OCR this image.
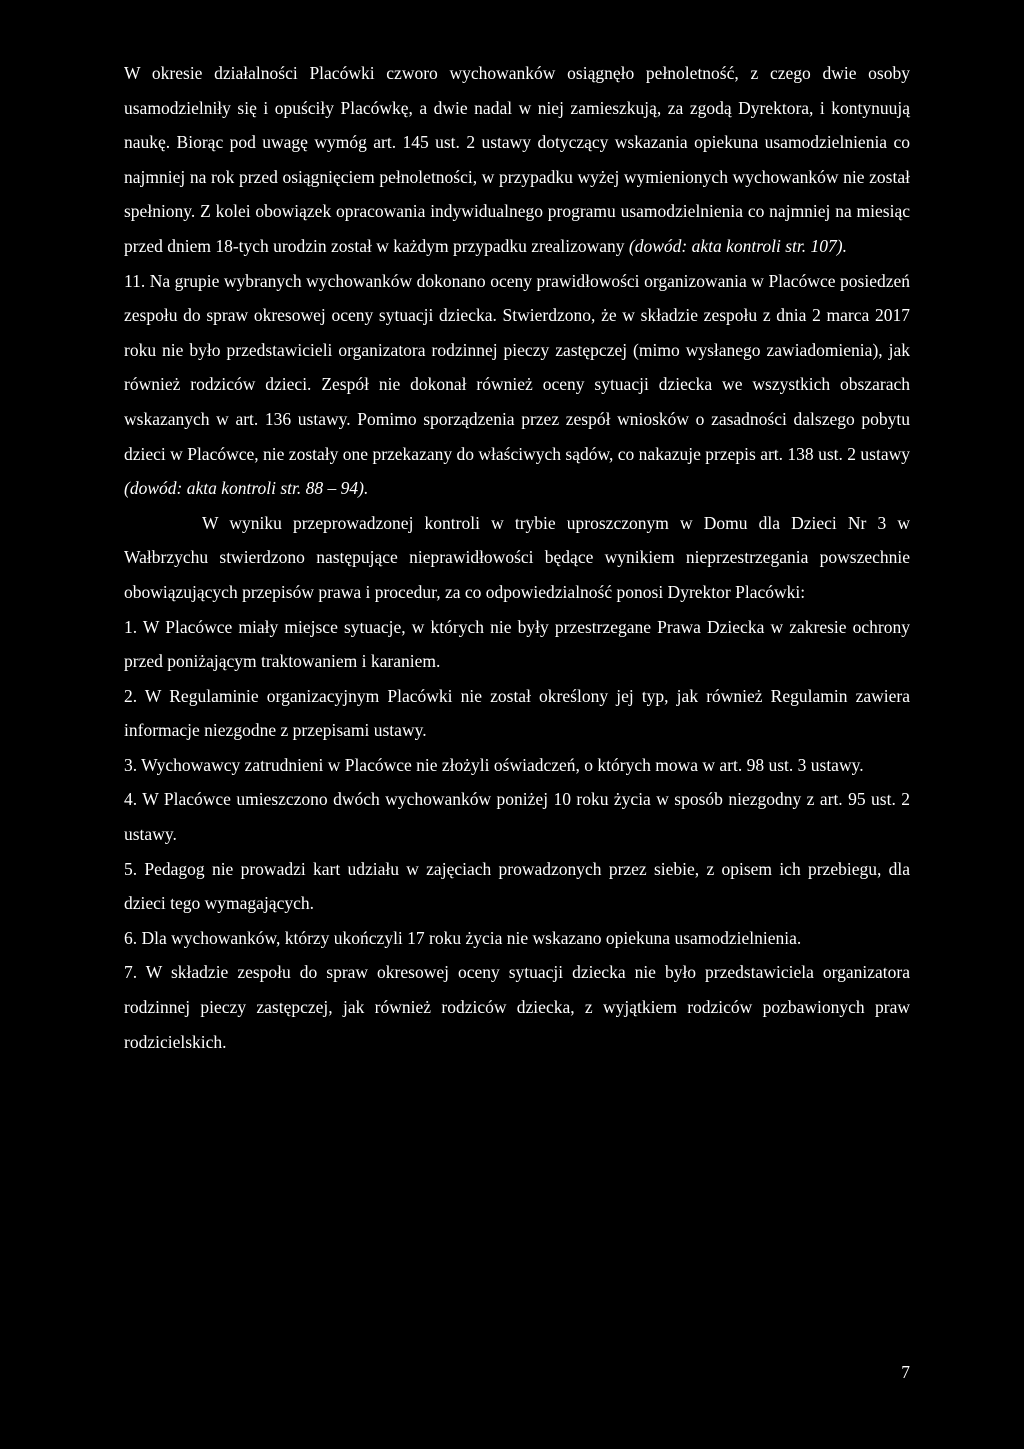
W okresie działalności Placówki czworo wychowanków osiągnęło pełnoletność, z czego dwie osoby usamodzielniły się i opuściły Placówkę, a dwie nadal w niej zamieszkują, za zgodą Dyrektora, i kontynuują naukę. Biorąc pod uwagę wymóg art. 145 ust. 2 ustawy dotyczący wskazania opiekuna usamodzielnienia co najmniej na rok przed osiągnięciem pełnoletności, w przypadku wyżej wymienionych wychowanków nie został spełniony. Z kolei obowiązek opracowania indywidualnego programu usamodzielnienia co najmniej na miesiąc przed dniem 18-tych urodzin został w każdym przypadku zrealizowany (dowód: akta kontroli str. 107).

11. Na grupie wybranych wychowanków dokonano oceny prawidłowości organizowania w Placówce posiedzeń zespołu do spraw okresowej oceny sytuacji dziecka. Stwierdzono, że w składzie zespołu z dnia 2 marca 2017 roku nie było przedstawicieli organizatora rodzinnej pieczy zastępczej (mimo wysłanego zawiadomienia), jak również rodziców dzieci. Zespół nie dokonał również oceny sytuacji dziecka we wszystkich obszarach wskazanych w art. 136 ustawy. Pomimo sporządzenia przez zespół wniosków o zasadności dalszego pobytu dzieci w Placówce, nie zostały one przekazany do właściwych sądów, co nakazuje przepis art. 138 ust. 2 ustawy (dowód: akta kontroli str. 88 – 94).

W wyniku przeprowadzonej kontroli w trybie uproszczonym w Domu dla Dzieci Nr 3 w Wałbrzychu stwierdzono następujące nieprawidłowości będące wynikiem nieprzestrzegania powszechnie obowiązujących przepisów prawa i procedur, za co odpowiedzialność ponosi Dyrektor Placówki:

1. W Placówce miały miejsce sytuacje, w których nie były przestrzegane Prawa Dziecka w zakresie ochrony przed poniżającym traktowaniem i karaniem.

2. W Regulaminie organizacyjnym Placówki nie został określony jej typ, jak również Regulamin zawiera informacje niezgodne z przepisami ustawy.

3. Wychowawcy zatrudnieni w Placówce nie złożyli oświadczeń, o których mowa w art. 98 ust. 3 ustawy.

4. W Placówce umieszczono dwóch wychowanków poniżej 10 roku życia w sposób niezgodny z art. 95 ust. 2 ustawy.

5. Pedagog nie prowadzi kart udziału w zajęciach prowadzonych przez siebie, z opisem ich przebiegu, dla dzieci tego wymagających.

6. Dla wychowanków, którzy ukończyli 17 roku życia nie wskazano opiekuna usamodzielnienia.

7. W składzie zespołu do spraw okresowej oceny sytuacji dziecka nie było przedstawiciela organizatora rodzinnej pieczy zastępczej, jak również rodziców dziecka, z wyjątkiem rodziców pozbawionych praw rodzicielskich.

7
